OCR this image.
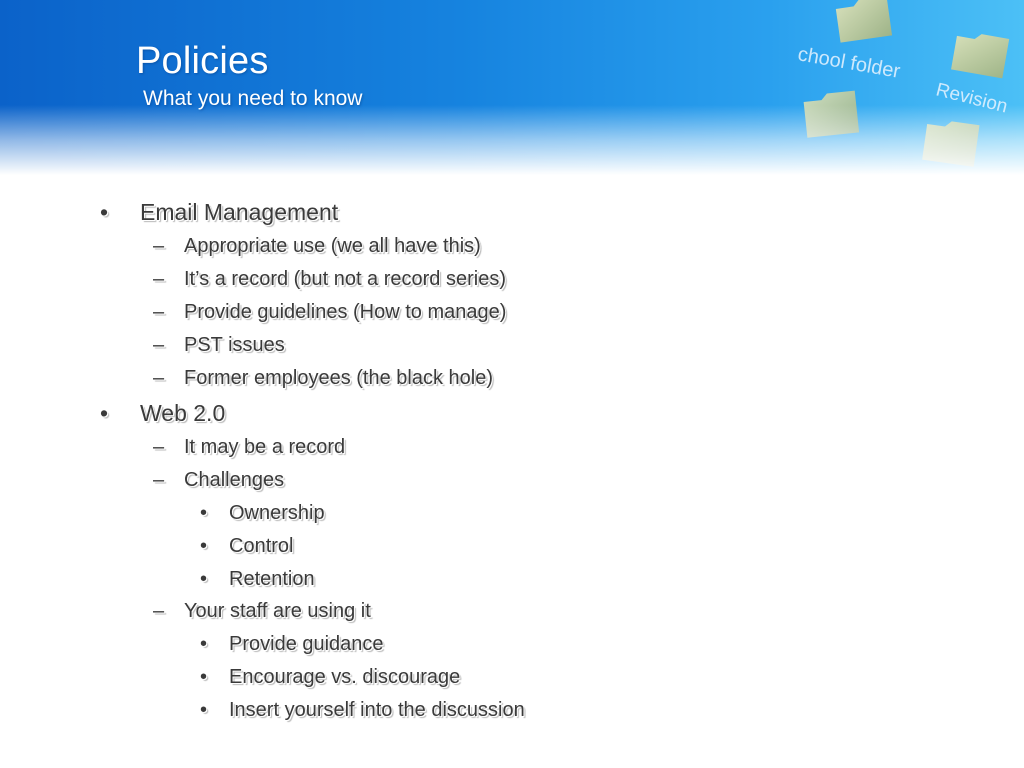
Policies
What you need to know
• Email Management
– Appropriate use (we all have this)
– It’s a record (but not a record series)
– Provide guidelines (How to manage)
– PST issues
– Former employees (the black hole)
• Web 2.0
– It may be a record
– Challenges
• Ownership
• Control
• Retention
– Your staff are using it
• Provide guidance
• Encourage vs. discourage
• Insert yourself into the discussion
